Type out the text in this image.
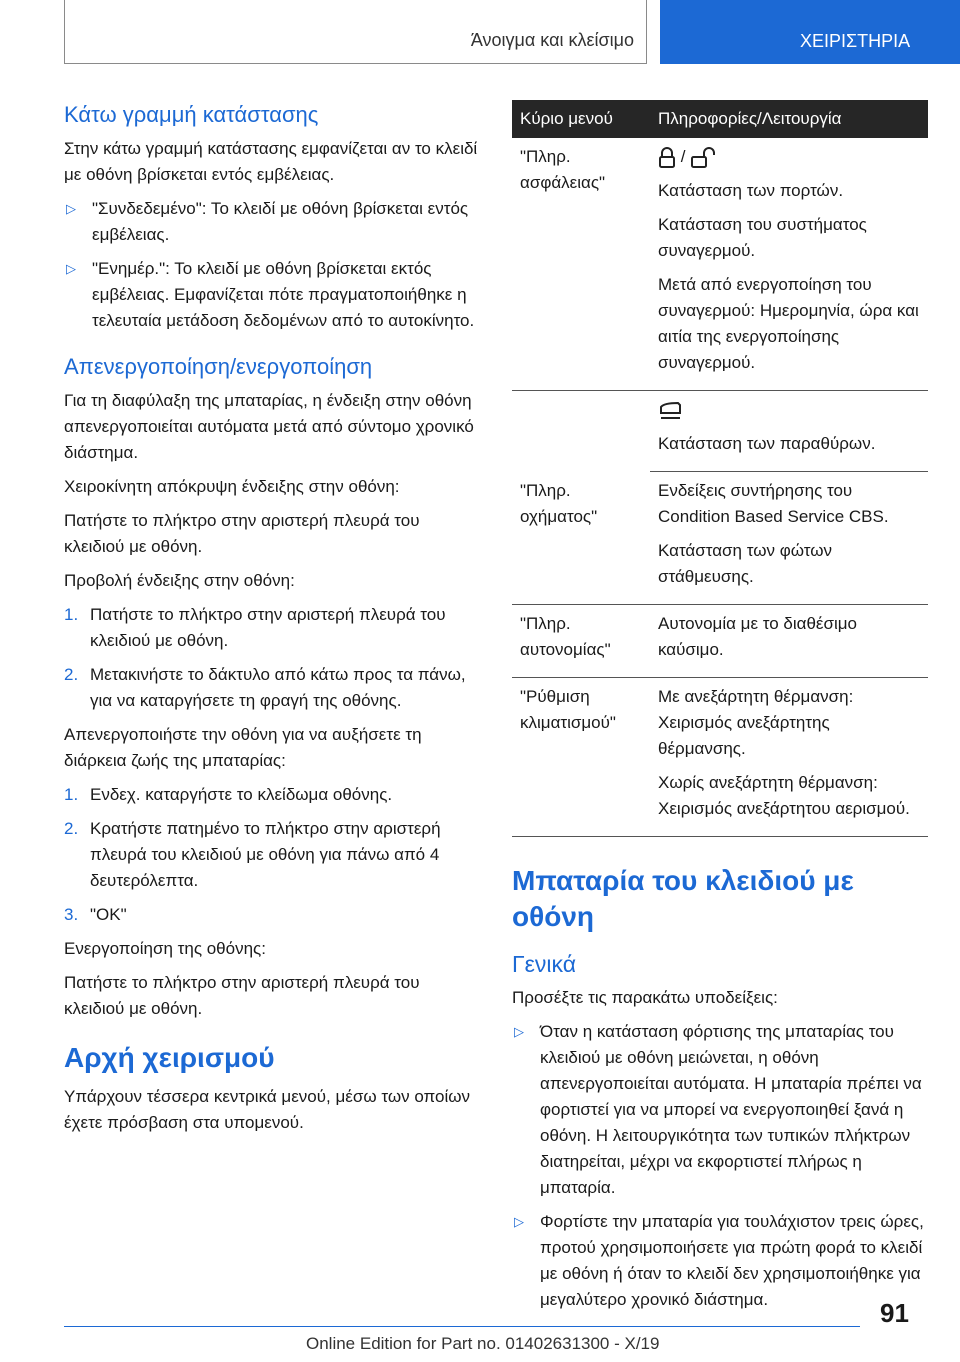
Άνοιγμα και κλείσιμο	ΧΕΙΡΙΣΤΗΡΙΑ
Κάτω γραμμή κατάστασης

Στην κάτω γραμμή κατάστασης εμφανίζεται αν το κλειδί με οθόνη βρίσκεται εντός εμβέλειας.

▷ "Συνδεδεμένο": Το κλειδί με οθόνη βρίσκεται εντός εμβέλειας.
▷ "Ενημέρ.": Το κλειδί με οθόνη βρίσκεται εκτός εμβέλειας. Εμφανίζεται πότε πραγματοποιήθηκε η τελευταία μετάδοση δεδομένων από το αυτοκίνητο.
Απενεργοποίηση/ενεργοποίηση

Για τη διαφύλαξη της μπαταρίας, η ένδειξη στην οθόνη απενεργοποιείται αυτόματα μετά από σύντομο χρονικό διάστημα.

Χειροκίνητη απόκρυψη ένδειξης στην οθόνη:

Πατήστε το πλήκτρο στην αριστερή πλευρά του κλειδιού με οθόνη.

Προβολή ένδειξης στην οθόνη:

1. Πατήστε το πλήκτρο στην αριστερή πλευρά του κλειδιού με οθόνη.
2. Μετακινήστε το δάκτυλο από κάτω προς τα πάνω, για να καταργήσετε τη φραγή της οθόνης.

Απενεργοποιήστε την οθόνη για να αυξήσετε τη διάρκεια ζωής της μπαταρίας:

1. Ενδεχ. καταργήστε το κλείδωμα οθόνης.
2. Κρατήστε πατημένο το πλήκτρο στην αριστερή πλευρά του κλειδιού με οθόνη για πάνω από 4 δευτερόλεπτα.
3. "OK"

Ενεργοποίηση της οθόνης:

Πατήστε το πλήκτρο στην αριστερή πλευρά του κλειδιού με οθόνη.

Αρχή χειρισμού

Υπάρχουν τέσσερα κεντρικά μενού, μέσω των οποίων έχετε πρόσβαση στα υπομενού.

Κύριο μενού	Πληροφορίες/Λειτουργία
"Πληρ. ασφάλειας"	/

Κατάσταση των πορτών.

Κατάσταση του συστήματος συναγερμού.

Μετά από ενεργοποίηση του συναγερμού: Ημερομηνία, ώρα και αιτία της ενεργοποίησης συναγερμού.

	Κατάσταση των παραθύρων.

"Πληρ. οχήματος"	Ενδείξεις συντήρησης του Condition Based Service CBS.

Κατάσταση των φώτων στάθμευσης.

"Πληρ. αυτονομίας"	Αυτονομία με το διαθέσιμο καύσιμο.

"Ρύθμιση κλιματισμού"	Με ανεξάρτητη θέρμανση: Χειρισμός ανεξάρτητης θέρμανσης.

Χωρίς ανεξάρτητη θέρμανση: Χειρισμός ανεξάρτητου αερισμού.

Μπαταρία του κλειδιού με οθόνη
Γενικά

Προσέξτε τις παρακάτω υποδείξεις:

▷ Όταν η κατάσταση φόρτισης της μπαταρίας του κλειδιού με οθόνη μειώνεται, η οθόνη απενεργοποιείται αυτόματα. Η μπαταρία πρέπει να φορτιστεί για να μπορεί να ενεργοποιηθεί ξανά η οθόνη. Η λειτουργικότητα των τυπικών πλήκτρων διατηρείται, μέχρι να εκφορτιστεί πλήρως η μπαταρία.
▷ Φορτίστε την μπαταρία για τουλάχιστον τρεις ώρες, προτού χρησιμοποιήσετε για πρώτη φορά το κλειδί με οθόνη ή όταν το κλειδί δεν χρησιμοποιήθηκε για μεγαλύτερο χρονικό διάστημα.	91
Online Edition for Part no. 01402631300 - X/19
